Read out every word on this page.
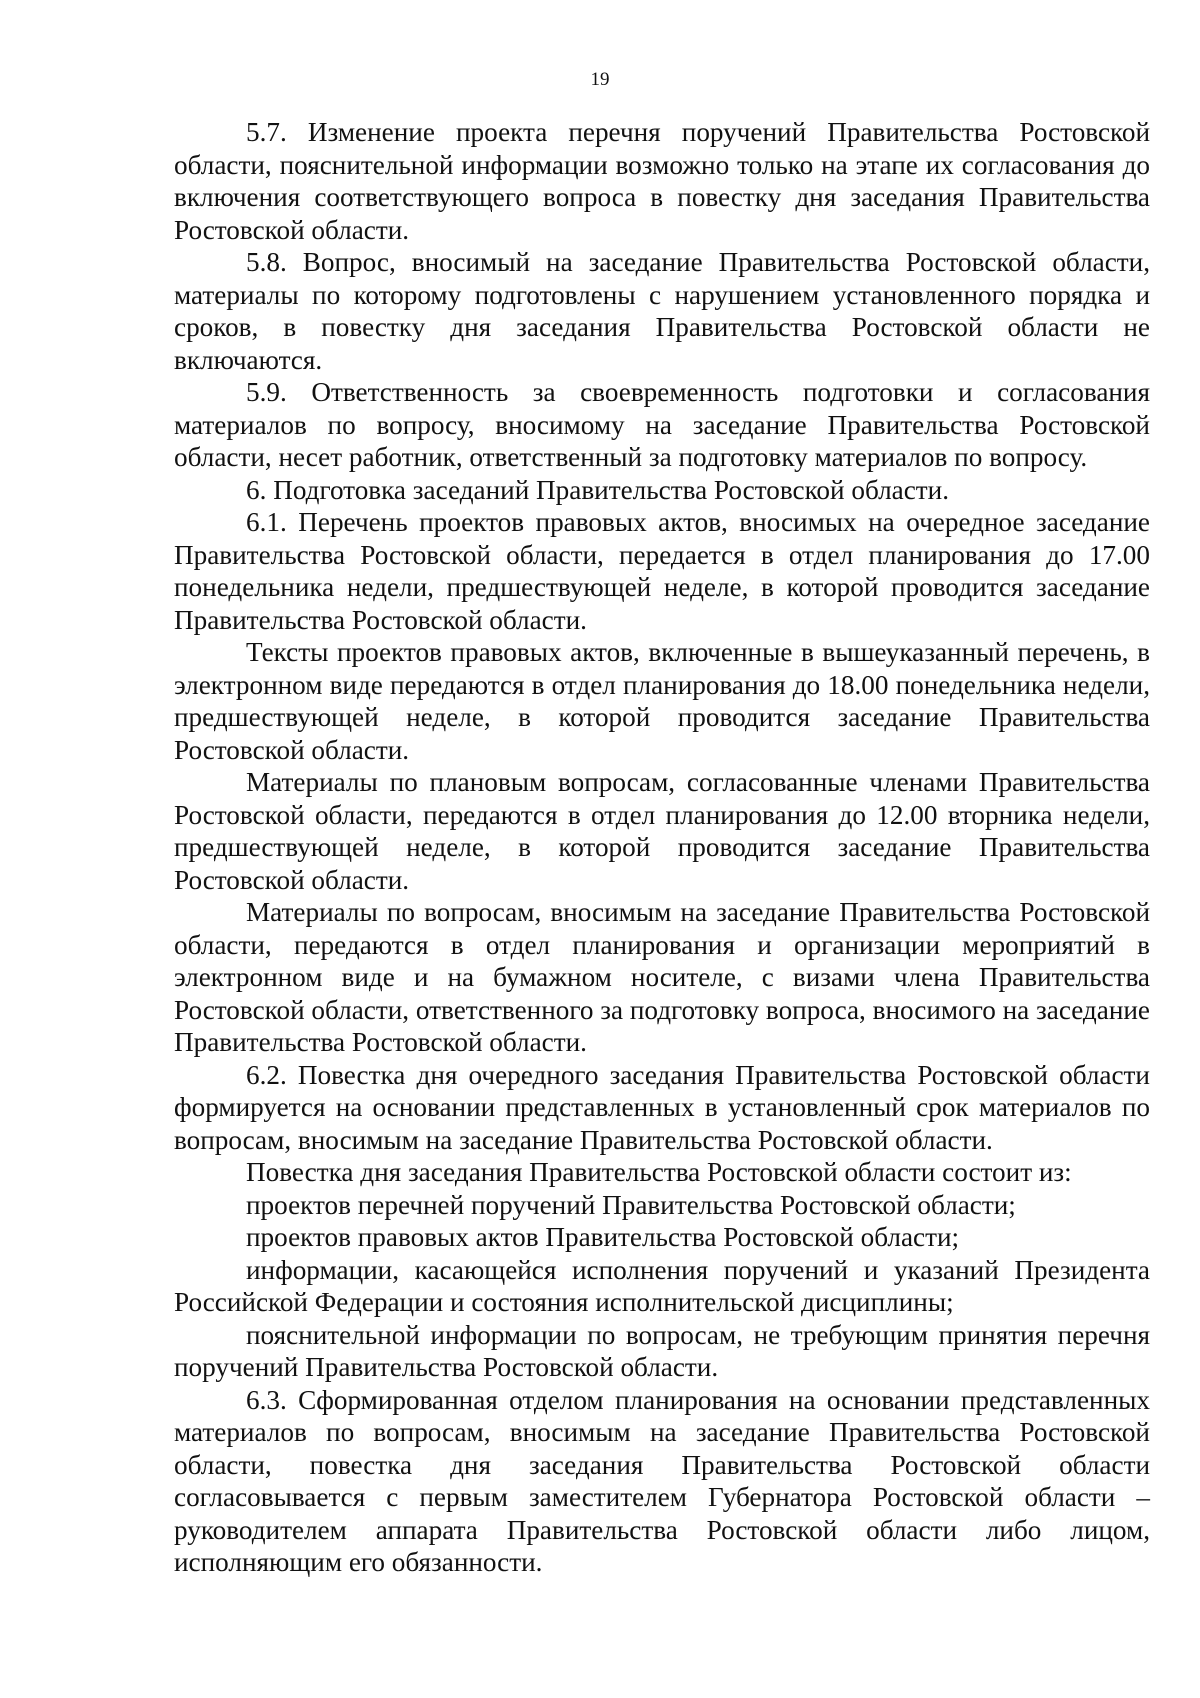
19

5.7. Изменение проекта перечня поручений Правительства Ростовской области, пояснительной информации возможно только на этапе их согласования до включения соответствующего вопроса в повестку дня заседания Правительства Ростовской области.

5.8. Вопрос, вносимый на заседание Правительства Ростовской области, материалы по которому подготовлены с нарушением установленного порядка и сроков, в повестку дня заседания Правительства Ростовской области не включаются.

5.9. Ответственность за своевременность подготовки и согласования материалов по вопросу, вносимому на заседание Правительства Ростовской области, несет работник, ответственный за подготовку материалов по вопросу.

6. Подготовка заседаний Правительства Ростовской области.

6.1. Перечень проектов правовых актов, вносимых на очередное заседание Правительства Ростовской области, передается в отдел планирования до 17.00 понедельника недели, предшествующей неделе, в которой проводится заседание Правительства Ростовской области.

Тексты проектов правовых актов, включенные в вышеуказанный перечень, в электронном виде передаются в отдел планирования до 18.00 понедельника недели, предшествующей неделе, в которой проводится заседание Правительства Ростовской области.

Материалы по плановым вопросам, согласованные членами Правительства Ростовской области, передаются в отдел планирования до 12.00 вторника недели, предшествующей неделе, в которой проводится заседание Правительства Ростовской области.

Материалы по вопросам, вносимым на заседание Правительства Ростовской области, передаются в отдел планирования и организации мероприятий в электронном виде и на бумажном носителе, с визами члена Правительства Ростовской области, ответственного за подготовку вопроса, вносимого на заседание Правительства Ростовской области.

6.2. Повестка дня очередного заседания Правительства Ростовской области формируется на основании представленных в установленный срок материалов по вопросам, вносимым на заседание Правительства Ростовской области.

Повестка дня заседания Правительства Ростовской области состоит из:

проектов перечней поручений Правительства Ростовской области;

проектов правовых актов Правительства Ростовской области;

информации, касающейся исполнения поручений и указаний Президента Российской Федерации и состояния исполнительской дисциплины;

пояснительной информации по вопросам, не требующим принятия перечня поручений Правительства Ростовской области.

6.3. Сформированная отделом планирования на основании представленных материалов по вопросам, вносимым на заседание Правительства Ростовской области, повестка дня заседания Правительства Ростовской области согласовывается с первым заместителем Губернатора Ростовской области – руководителем аппарата Правительства Ростовской области либо лицом, исполняющим его обязанности.
